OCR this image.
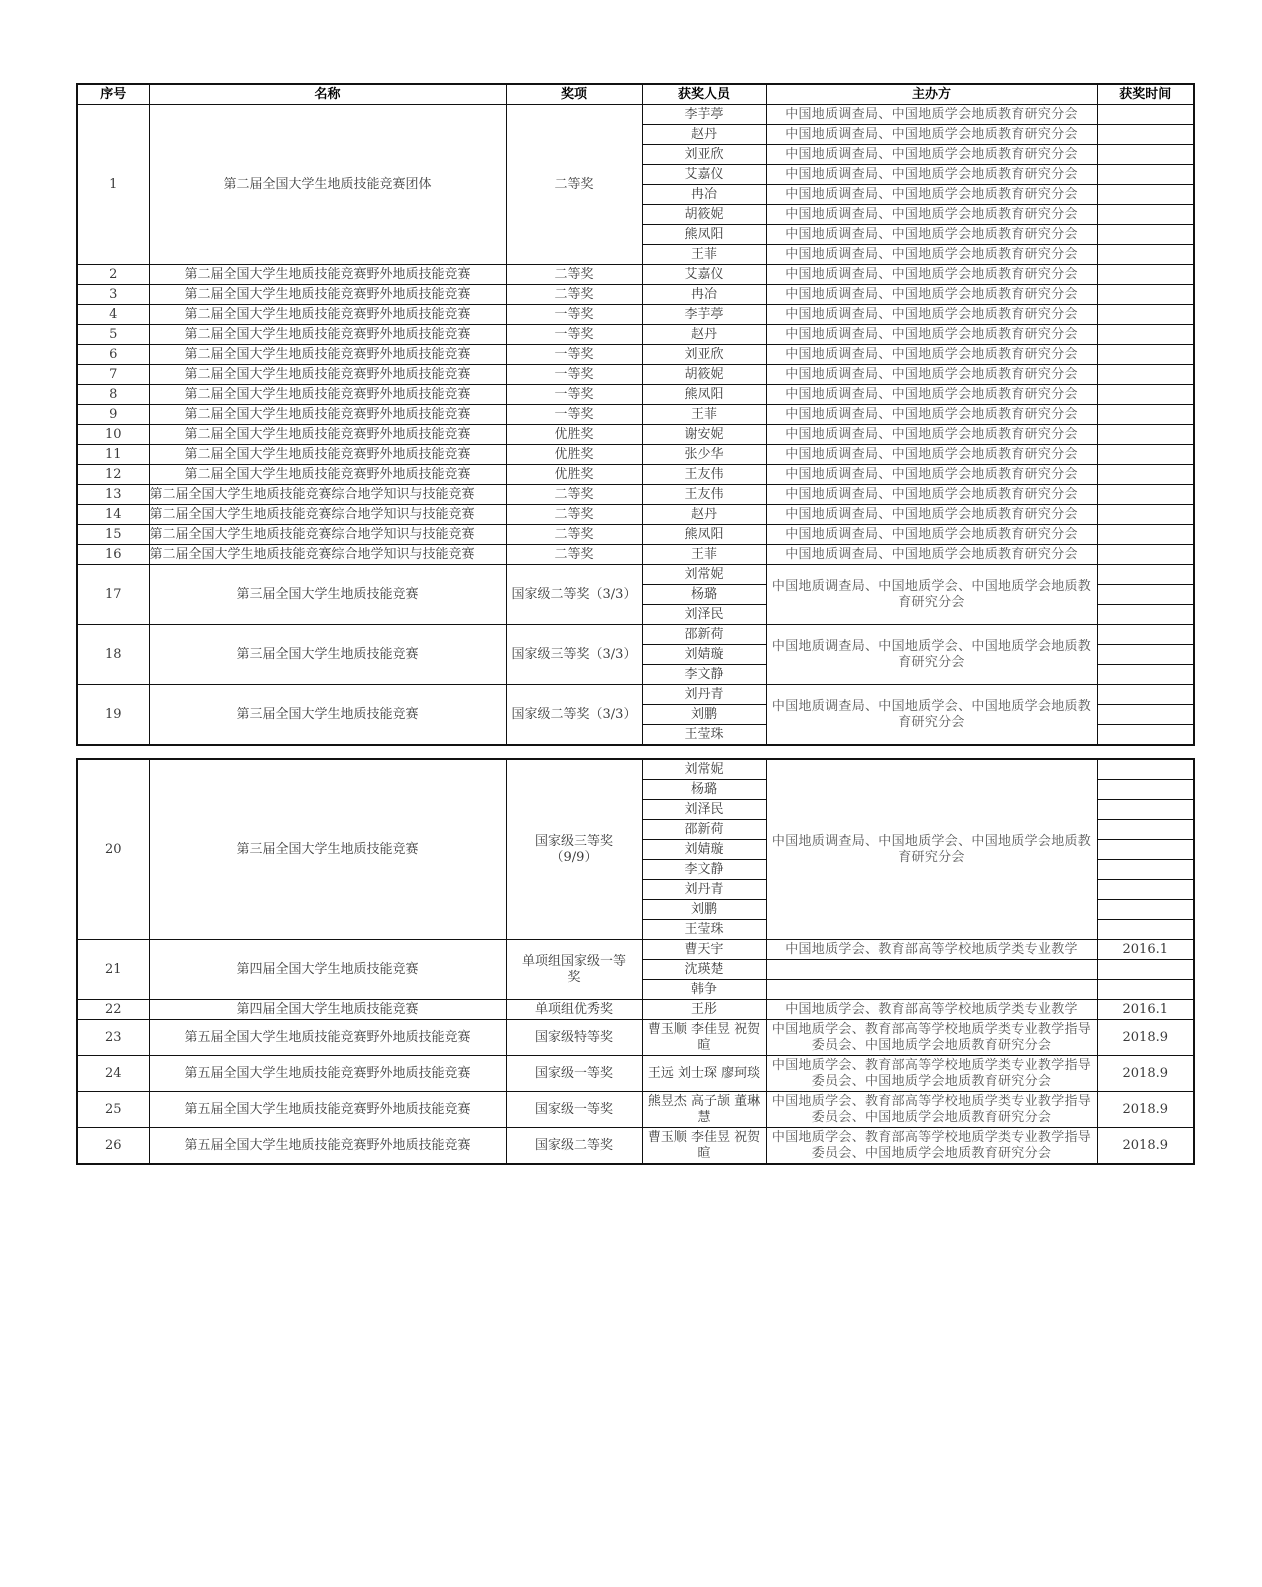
序号	名称	奖项	获奖人员	主办方	获奖时间
1	第二届全国大学生地质技能竞赛团体	二等奖	李芋葶	中国地质调查局、中国地质学会地质教育研究分会	
			赵丹	中国地质调查局、中国地质学会地质教育研究分会	
			刘亚欣	中国地质调查局、中国地质学会地质教育研究分会	
			艾嘉仪	中国地质调查局、中国地质学会地质教育研究分会	
			冉冶	中国地质调查局、中国地质学会地质教育研究分会	
			胡筱妮	中国地质调查局、中国地质学会地质教育研究分会	
			熊凤阳	中国地质调查局、中国地质学会地质教育研究分会	
			王菲	中国地质调查局、中国地质学会地质教育研究分会	
2	第二届全国大学生地质技能竞赛野外地质技能竞赛	二等奖	艾嘉仪	中国地质调查局、中国地质学会地质教育研究分会	
3	第二届全国大学生地质技能竞赛野外地质技能竞赛	二等奖	冉冶	中国地质调查局、中国地质学会地质教育研究分会	
4	第二届全国大学生地质技能竞赛野外地质技能竞赛	一等奖	李芋葶	中国地质调查局、中国地质学会地质教育研究分会	
5	第二届全国大学生地质技能竞赛野外地质技能竞赛	一等奖	赵丹	中国地质调查局、中国地质学会地质教育研究分会	
6	第二届全国大学生地质技能竞赛野外地质技能竞赛	一等奖	刘亚欣	中国地质调查局、中国地质学会地质教育研究分会	
7	第二届全国大学生地质技能竞赛野外地质技能竞赛	一等奖	胡筱妮	中国地质调查局、中国地质学会地质教育研究分会	
8	第二届全国大学生地质技能竞赛野外地质技能竞赛	一等奖	熊凤阳	中国地质调查局、中国地质学会地质教育研究分会	
9	第二届全国大学生地质技能竞赛野外地质技能竞赛	一等奖	王菲	中国地质调查局、中国地质学会地质教育研究分会	
10	第二届全国大学生地质技能竞赛野外地质技能竞赛	优胜奖	谢安妮	中国地质调查局、中国地质学会地质教育研究分会	
11	第二届全国大学生地质技能竞赛野外地质技能竞赛	优胜奖	张少华	中国地质调查局、中国地质学会地质教育研究分会	
12	第二届全国大学生地质技能竞赛野外地质技能竞赛	优胜奖	王友伟	中国地质调查局、中国地质学会地质教育研究分会	
13	第二届全国大学生地质技能竞赛综合地学知识与技能竞赛	二等奖	王友伟	中国地质调查局、中国地质学会地质教育研究分会	
14	第二届全国大学生地质技能竞赛综合地学知识与技能竞赛	二等奖	赵丹	中国地质调查局、中国地质学会地质教育研究分会	
15	第二届全国大学生地质技能竞赛综合地学知识与技能竞赛	二等奖	熊凤阳	中国地质调查局、中国地质学会地质教育研究分会	
16	第二届全国大学生地质技能竞赛综合地学知识与技能竞赛	二等奖	王菲	中国地质调查局、中国地质学会地质教育研究分会	
17	第三届全国大学生地质技能竞赛	国家级二等奖（3/3）	刘常妮	中国地质调查局、中国地质学会、中国地质学会地质教育研究分会	
			杨璐		
			刘泽民		
18	第三届全国大学生地质技能竞赛	国家级三等奖（3/3）	邵新荷	中国地质调查局、中国地质学会、中国地质学会地质教育研究分会	
			刘婧璇		
			李文静		
19	第三届全国大学生地质技能竞赛	国家级二等奖（3/3）	刘丹青	中国地质调查局、中国地质学会、中国地质学会地质教育研究分会	
			刘鹏		
			王莹珠		
20	第三届全国大学生地质技能竞赛	国家级三等奖（9/9）	刘常妮	中国地质调查局、中国地质学会、中国地质学会地质教育研究分会	
			杨璐		
			刘泽民		
			邵新荷		
			刘婧璇		
			李文静		
			刘丹青		
			刘鹏		
			王莹珠		
21	第四届全国大学生地质技能竞赛	单项组国家级一等奖	曹天宇	中国地质学会、教育部高等学校地质学类专业教学	2016.1
			沈瑛楚		
			韩争		
22	第四届全国大学生地质技能竞赛	单项组优秀奖	王彤	中国地质学会、教育部高等学校地质学类专业教学	2016.1
23	第五届全国大学生地质技能竞赛野外地质技能竞赛	国家级特等奖	曹玉顺 李佳昱 祝贺暄	中国地质学会、教育部高等学校地质学类专业教学指导委员会、中国地质学会地质教育研究分会	2018.9
24	第五届全国大学生地质技能竞赛野外地质技能竞赛	国家级一等奖	王远 刘士琛 廖珂琰	中国地质学会、教育部高等学校地质学类专业教学指导委员会、中国地质学会地质教育研究分会	2018.9
25	第五届全国大学生地质技能竞赛野外地质技能竞赛	国家级一等奖	熊昱杰 高子颉 董琳慧	中国地质学会、教育部高等学校地质学类专业教学指导委员会、中国地质学会地质教育研究分会	2018.9
26	第五届全国大学生地质技能竞赛野外地质技能竞赛	国家级二等奖	曹玉顺 李佳昱 祝贺暄	中国地质学会、教育部高等学校地质学类专业教学指导委员会、中国地质学会地质教育研究分会	2018.9
